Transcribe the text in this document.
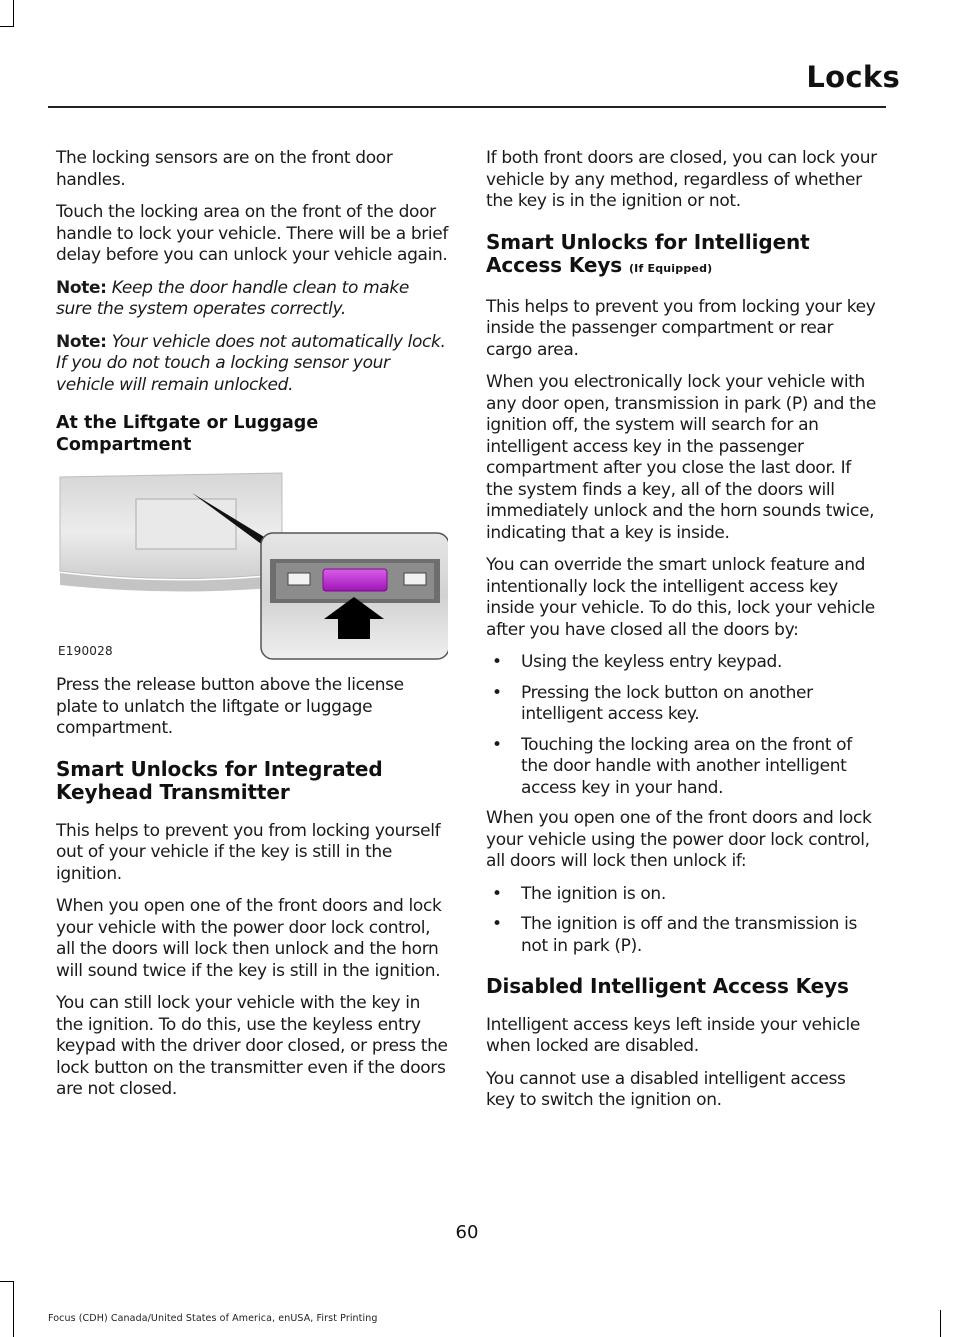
Locks

The locking sensors are on the front door handles.

Touch the locking area on the front of the door handle to lock your vehicle. There will be a brief delay before you can unlock your vehicle again.

Note: Keep the door handle clean to make sure the system operates correctly.

Note: Your vehicle does not automatically lock. If you do not touch a locking sensor your vehicle will remain unlocked.

At the Liftgate or Luggage Compartment
E190028

Press the release button above the license plate to unlatch the liftgate or luggage compartment.

Smart Unlocks for Integrated Keyhead Transmitter

This helps to prevent you from locking yourself out of your vehicle if the key is still in the ignition.

When you open one of the front doors and lock your vehicle with the power door lock control, all the doors will lock then unlock and the horn will sound twice if the key is still in the ignition.

You can still lock your vehicle with the key in the ignition. To do this, use the keyless entry keypad with the driver door closed, or press the lock button on the transmitter even if the doors are not closed.

If both front doors are closed, you can lock your vehicle by any method, regardless of whether the key is in the ignition or not.

Smart Unlocks for Intelligent Access Keys (If Equipped)

This helps to prevent you from locking your key inside the passenger compartment or rear cargo area.

When you electronically lock your vehicle with any door open, transmission in park (P) and the ignition off, the system will search for an intelligent access key in the passenger compartment after you close the last door. If the system finds a key, all of the doors will immediately unlock and the horn sounds twice, indicating that a key is inside.

You can override the smart unlock feature and intentionally lock the intelligent access key inside your vehicle. To do this, lock your vehicle after you have closed all the doors by:

• Using the keyless entry keypad.
• Pressing the lock button on another intelligent access key.
• Touching the locking area on the front of the door handle with another intelligent access key in your hand.

When you open one of the front doors and lock your vehicle using the power door lock control, all doors will lock then unlock if:

• The ignition is on.
• The ignition is off and the transmission is not in park (P).
Disabled Intelligent Access Keys

Intelligent access keys left inside your vehicle when locked are disabled.

You cannot use a disabled intelligent access key to switch the ignition on.

60
Focus (CDH) Canada/United States of America, enUSA, First Printing
